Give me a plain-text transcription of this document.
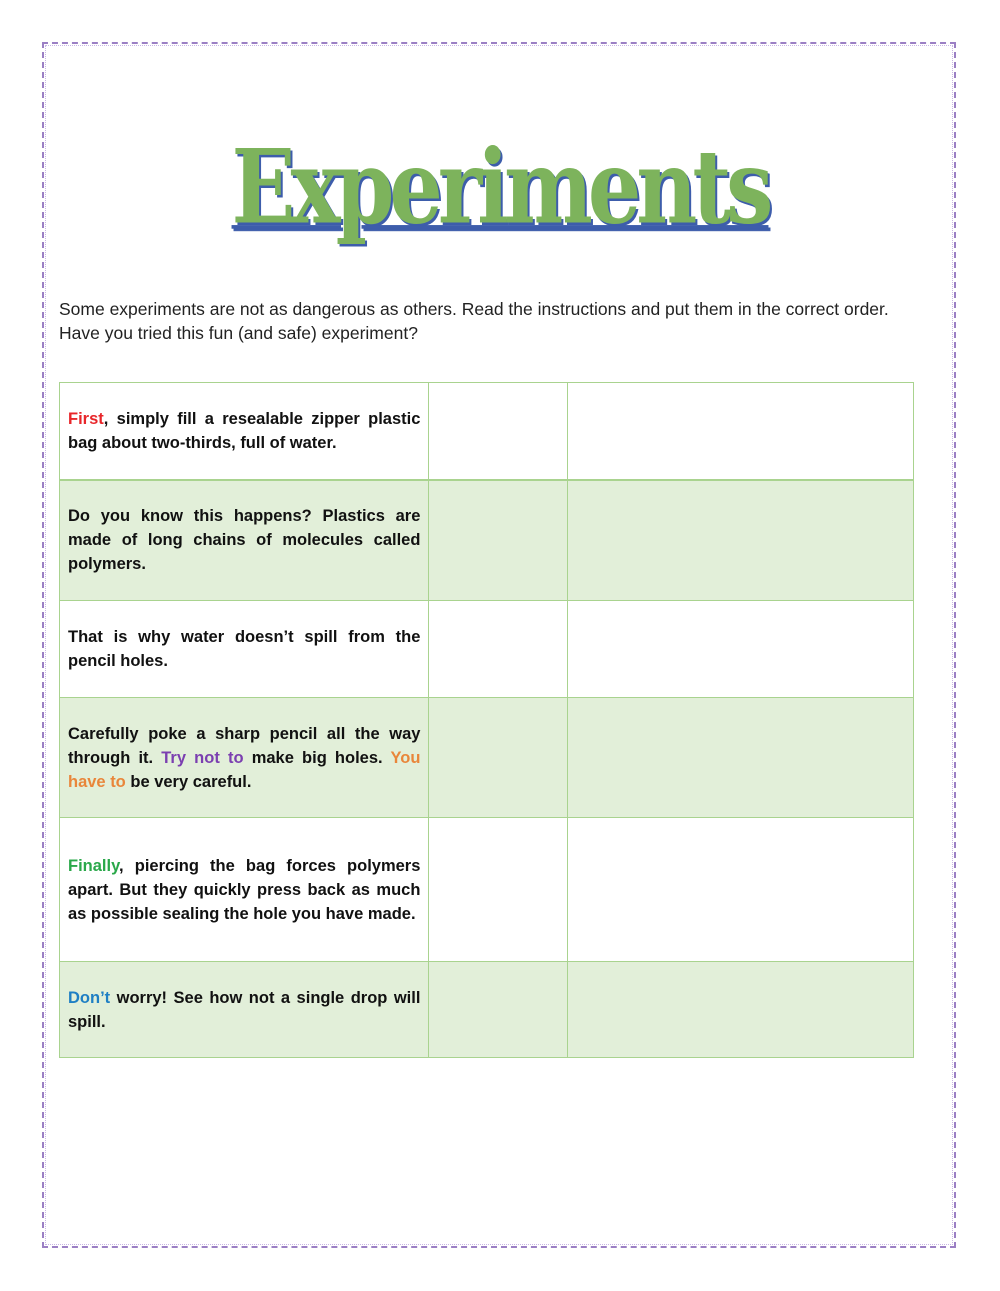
Experiments

Some experiments are not as dangerous as others. Read the instructions and put them in the correct order. Have you tried this fun (and safe) experiment?

First, simply fill a resealable zipper plastic bag about two-thirds, full of water.		

Do you know this happens? Plastics are made of long chains of molecules called polymers.		

That is why water doesn’t spill from the pencil holes.		

Carefully poke a sharp pencil all the way through it. Try not to make big holes. You have to be very careful.		

Finally, piercing the bag forces polymers apart. But they quickly press back as much as possible sealing the hole you have made.		

Don’t worry! See how not a single drop will spill.		
